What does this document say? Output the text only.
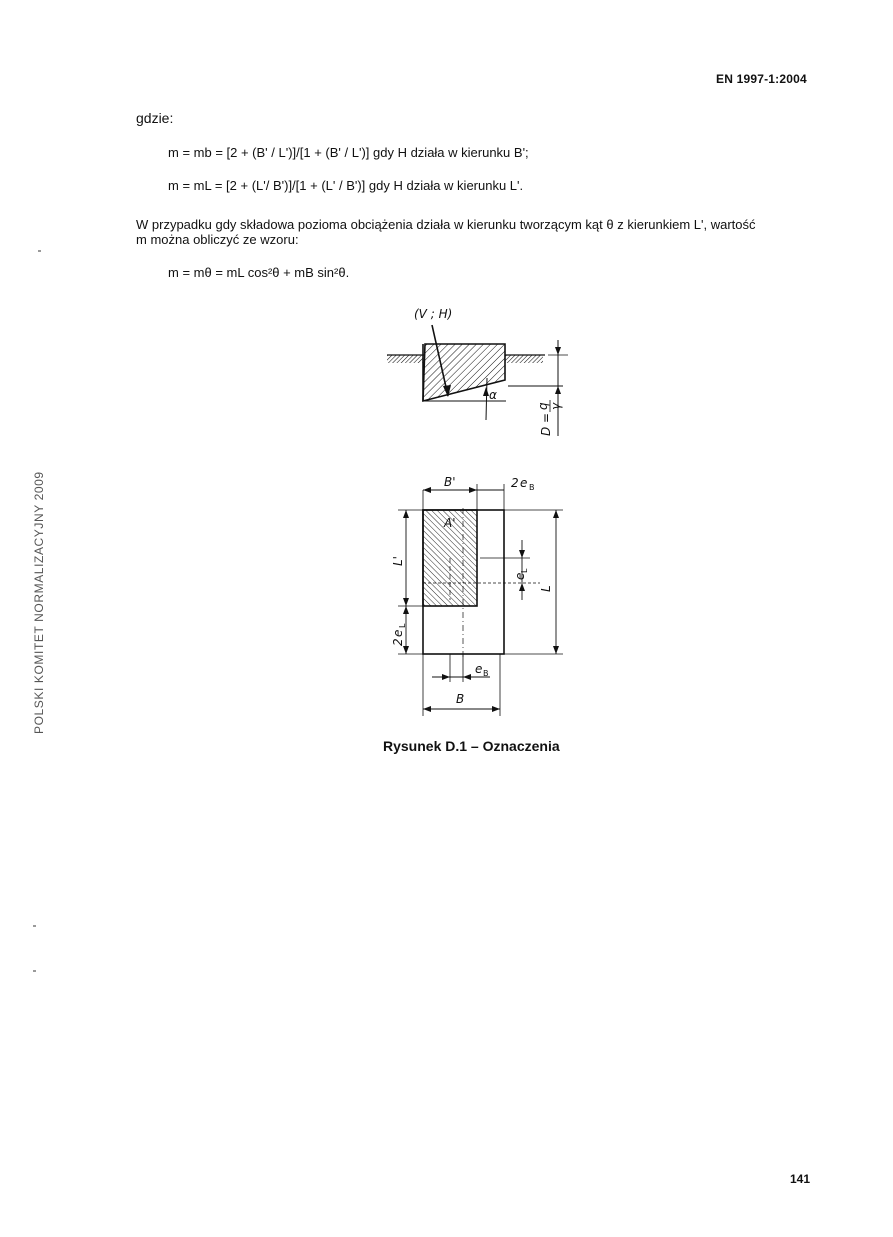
EN 1997-1:2004
gdzie:
m = mb = [2 + (B' / L')]/[1 + (B' / L')] gdy H działa w kierunku B';
m = mL = [2 + (L'/ B')]/[1 + (L' / B')] gdy H działa w kierunku L'.

W przypadku gdy składowa pozioma obciążenia działa w kierunku tworzącym kąt θ z kierunkiem L', wartość

m można obliczyć ze wzoru:

m = mθ = mL cos²θ + mB sin²θ.
(V ; H)
α
D =
q γ
A'
B'	2 e B
L'
2
e
L
e
L
L
e B
B
Rysunek D.1 – Oznaczenia
POLSKI KOMITET NORMALIZACYJNY 2009
141
